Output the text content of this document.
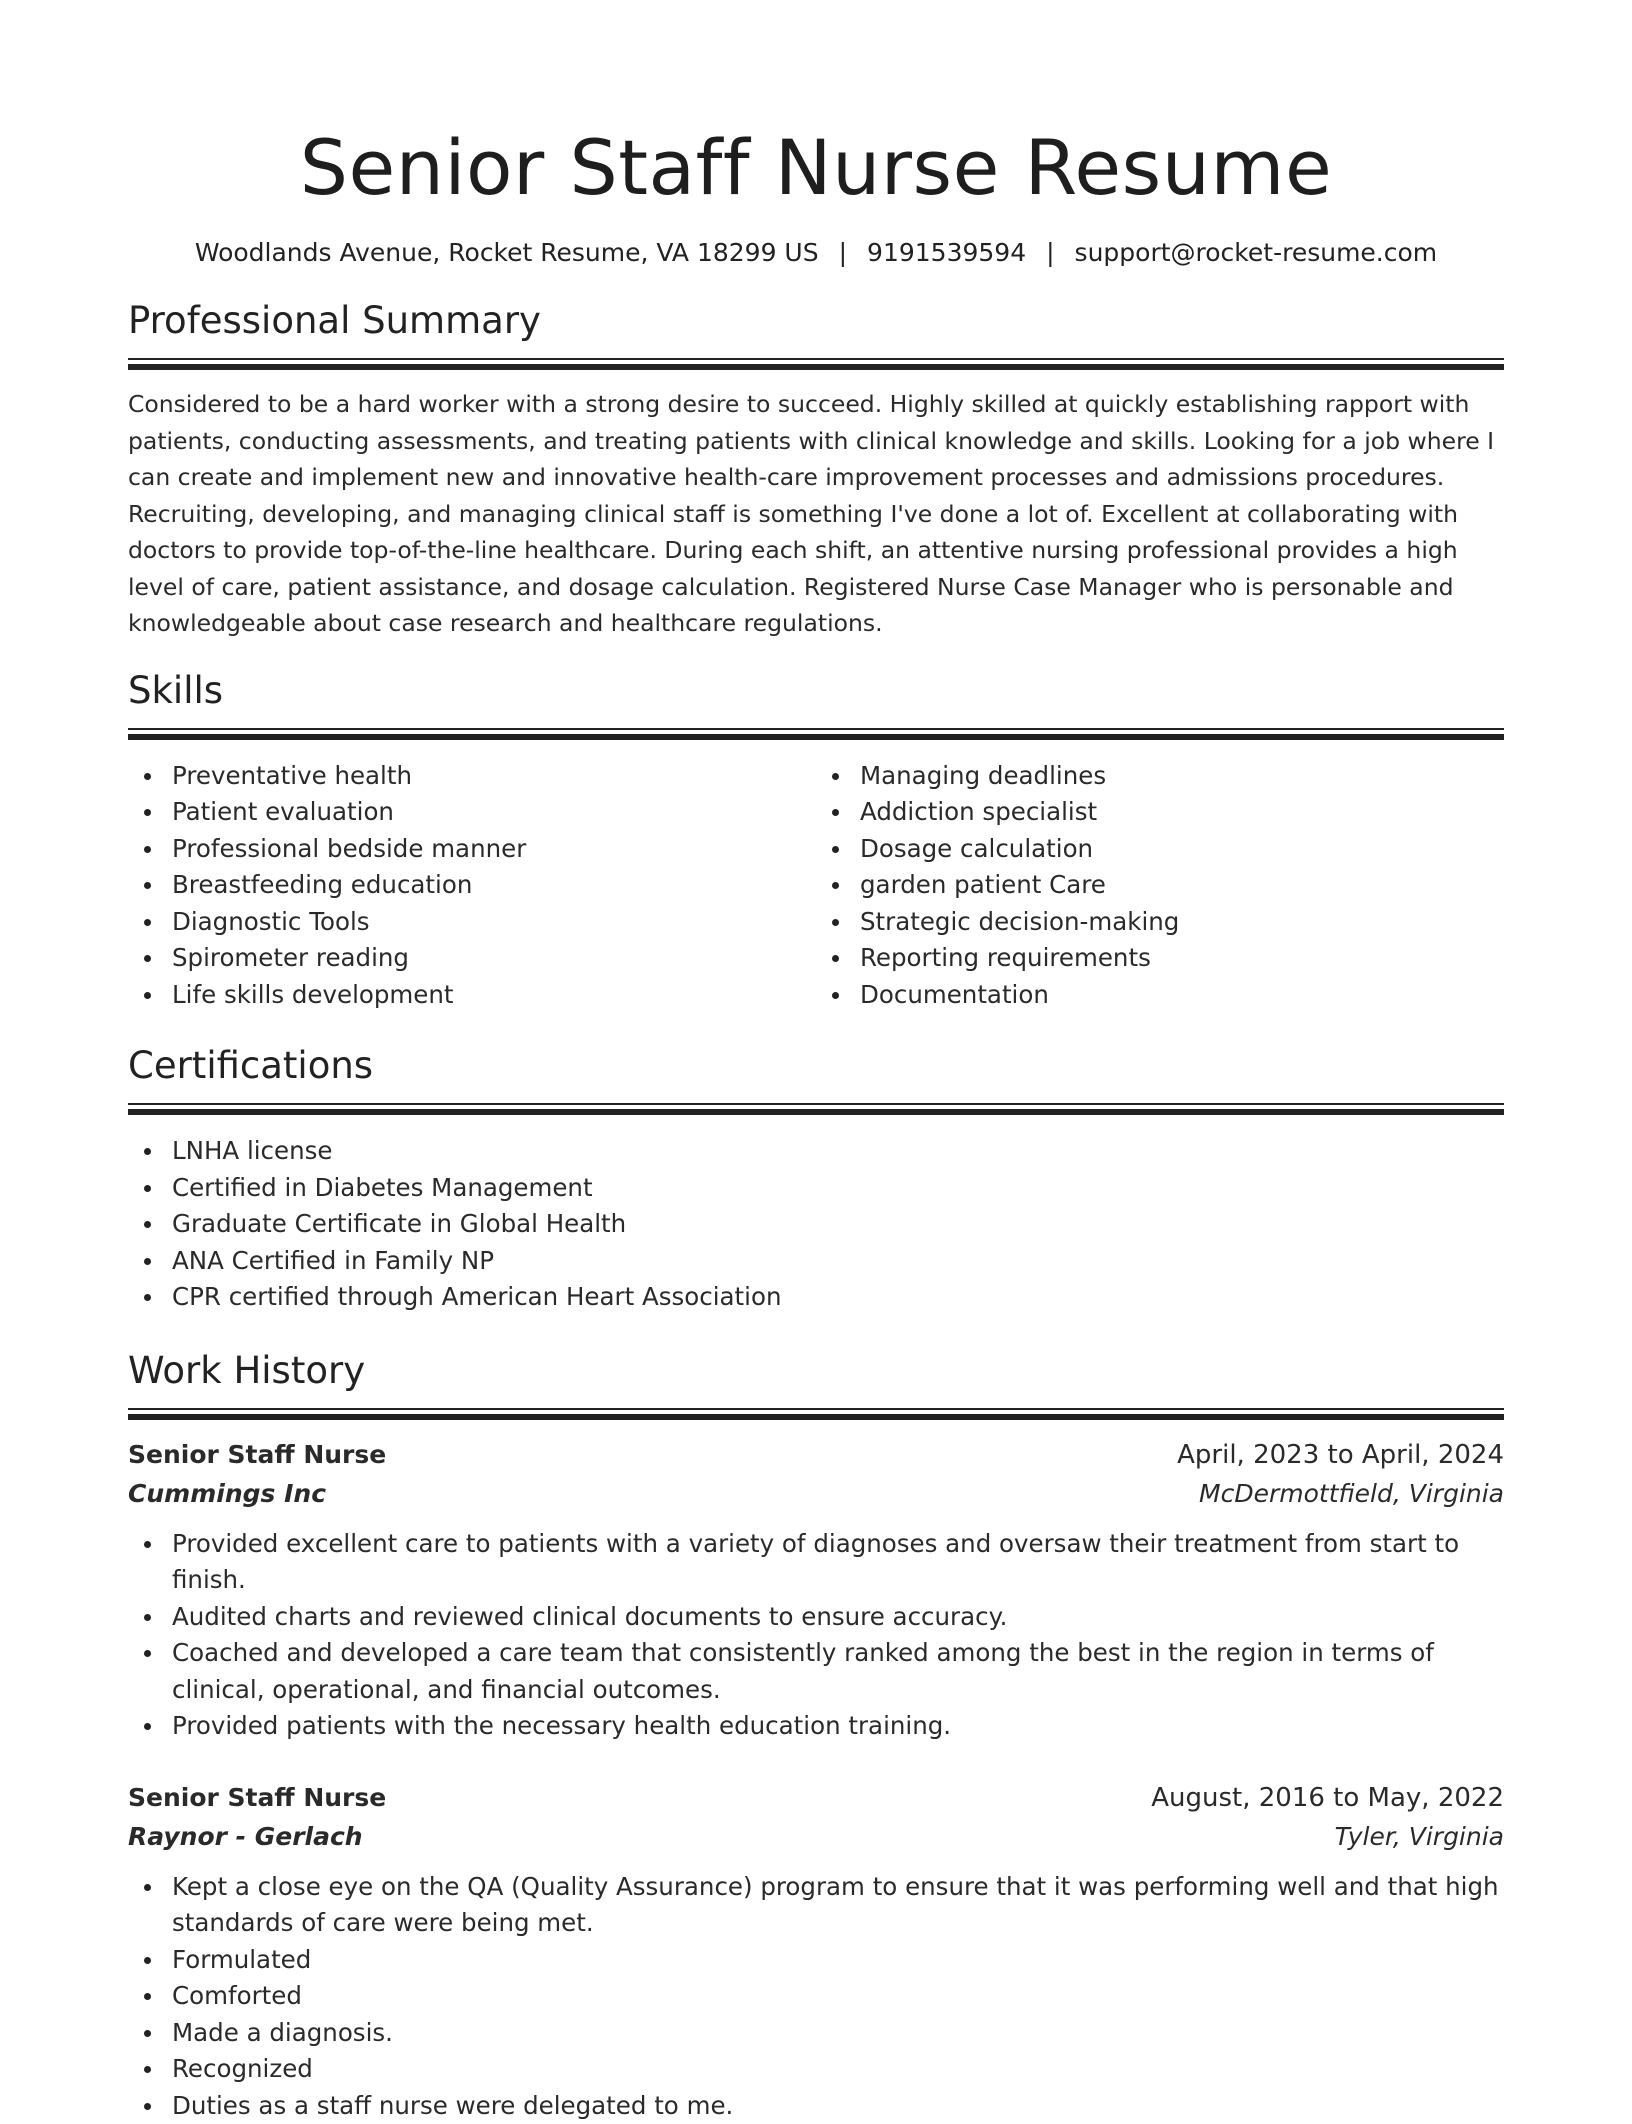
Senior Staff Nurse Resume
Woodlands Avenue, Rocket Resume, VA 18299 US | 9191539594 | support@rocket-resume.com
Professional Summary

Considered to be a hard worker with a strong desire to succeed. Highly skilled at quickly establishing rapport with patients, conducting assessments, and treating patients with clinical knowledge and skills. Looking for a job where I can create and implement new and innovative health-care improvement processes and admissions procedures. Recruiting, developing, and managing clinical staff is something I've done a lot of. Excellent at collaborating with doctors to provide top-of-the-line healthcare. During each shift, an attentive nursing professional provides a high level of care, patient assistance, and dosage calculation. Registered Nurse Case Manager who is personable and knowledgeable about case research and healthcare regulations.

Skills
Preventative health
Patient evaluation
Professional bedside manner
Breastfeeding education
Diagnostic Tools
Spirometer reading
Life skills development
Managing deadlines
Addiction specialist
Dosage calculation
garden patient Care
Strategic decision-making
Reporting requirements
Documentation
Certifications
LNHA license
Certified in Diabetes Management
Graduate Certificate in Global Health
ANA Certified in Family NP
CPR certified through American Heart Association
Work History
Senior Staff Nurse	April, 2023 to April, 2024
Cummings Inc	McDermottfield, Virginia
Provided excellent care to patients with a variety of diagnoses and oversaw their treatment from start to finish.
Audited charts and reviewed clinical documents to ensure accuracy.
Coached and developed a care team that consistently ranked among the best in the region in terms of clinical, operational, and financial outcomes.
Provided patients with the necessary health education training.
Senior Staff Nurse	August, 2016 to May, 2022
Raynor - Gerlach	Tyler, Virginia
Kept a close eye on the QA (Quality Assurance) program to ensure that it was performing well and that high standards of care were being met.
Formulated
Comforted
Made a diagnosis.
Recognized
Duties as a staff nurse were delegated to me.
